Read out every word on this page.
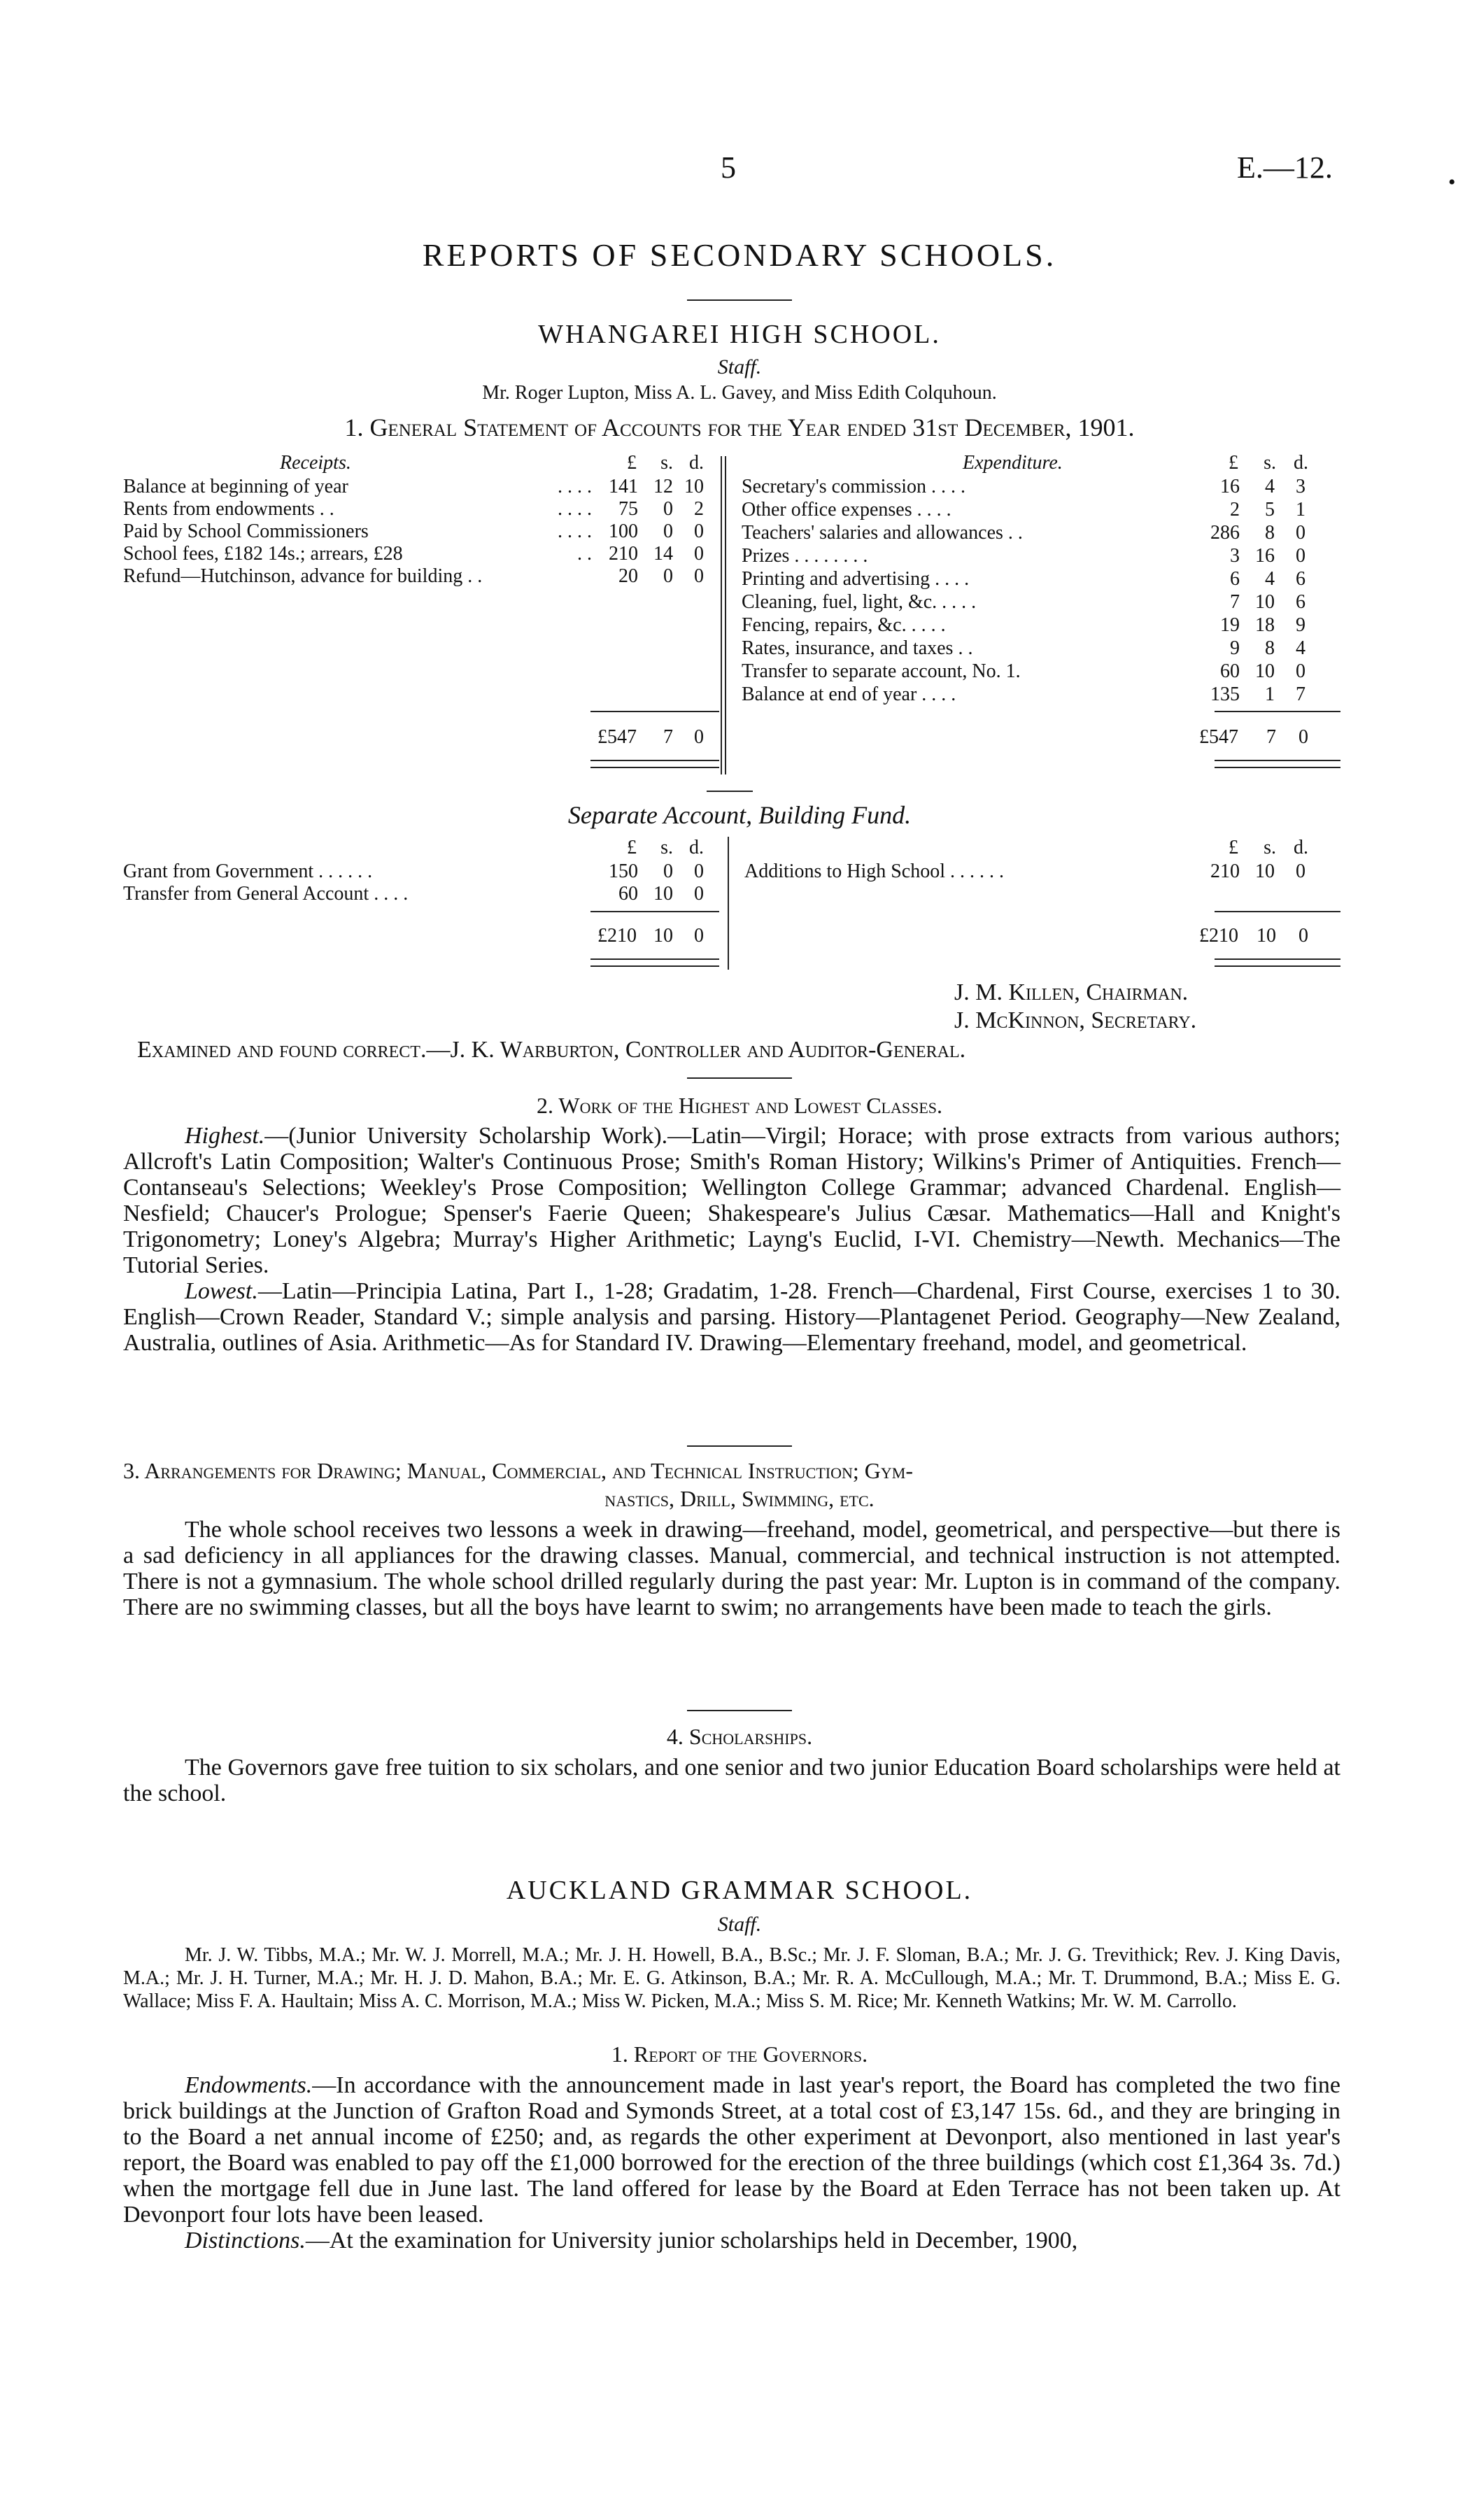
5	E.—12.	•
REPORTS OF SECONDARY SCHOOLS.
WHANGAREI HIGH SCHOOL.
Staff.
Mr. Roger Lupton, Miss A. L. Gavey, and Miss Edith Colquhoun.
1. General Statement of Accounts for the Year ended 31st December, 1901.
Receipts.	Expenditure.
£	s. d.	£	s. d.
Balance at beginning of year	. . . . 141 12 10
Rents from endowments . .	. . . .	75	0	2
Paid by School Commissioners	. . . . 100	0	0
School fees, £182 14s.; arrears, £28	. . 210 14	0
Refund—Hutchinson, advance for building . .	20	0	0
Secretary's commission . . . .	16	4	3
Other office expenses . . . .	2	5	1
Teachers' salaries and allowances . .	286	8	0
Prizes . . . . . . . .	3 16	0
Printing and advertising . . . .	6	4	6
Cleaning, fuel, light, &c. . . . .	7 10	6
Fencing, repairs, &c. . . . .	19 18	9
Rates, insurance, and taxes . .	9	8	4
Transfer to separate account, No. 1.	60 10	0
Balance at end of year . . . .	135	1	7
£547	7	0	£547	7	0
Separate Account, Building Fund.
£	s. d.	£	s. d.
Grant from Government . . . . . .	150	0	0
Transfer from General Account . . . .	60 10	0
Additions to High School . . . . . .	210 10	0
£210 10	0	£210 10	0
J. M. Killen, Chairman.
J. McKinnon, Secretary.
Examined and found correct.—J. K. Warburton, Controller and Auditor-General.
2. Work of the Highest and Lowest Classes.

Highest.—(Junior University Scholarship Work).—Latin—Virgil; Horace; with prose extracts from various authors; Allcroft's Latin Composition; Walter's Continuous Prose; Smith's Roman History; Wilkins's Primer of Antiquities. French—Contanseau's Selections; Weekley's Prose Composition; Wellington College Grammar; advanced Chardenal. English—Nesfield; Chaucer's Prologue; Spenser's Faerie Queen; Shakespeare's Julius Cæsar. Mathematics—Hall and Knight's Trigonometry; Loney's Algebra; Murray's Higher Arithmetic; Layng's Euclid, I-VI. Chemistry—Newth. Mechanics—The Tutorial Series.

Lowest.—Latin—Principia Latina, Part I., 1-28; Gradatim, 1-28. French—Chardenal, First Course, exercises 1 to 30. English—Crown Reader, Standard V.; simple analysis and parsing. History—Plantagenet Period. Geography—New Zealand, Australia, outlines of Asia. Arithmetic—As for Standard IV. Drawing—Elementary freehand, model, and geometrical.

3. Arrangements for Drawing; Manual, Commercial, and Technical Instruction; Gym-
nastics, Drill, Swimming, etc.

The whole school receives two lessons a week in drawing—freehand, model, geometrical, and perspective—but there is a sad deficiency in all appliances for the drawing classes. Manual, commercial, and technical instruction is not attempted. There is not a gymnasium. The whole school drilled regularly during the past year: Mr. Lupton is in command of the company. There are no swimming classes, but all the boys have learnt to swim; no arrangements have been made to teach the girls.

4. Scholarships.

The Governors gave free tuition to six scholars, and one senior and two junior Education Board scholarships were held at the school.

AUCKLAND GRAMMAR SCHOOL.
Staff.
Mr. J. W. Tibbs, M.A.; Mr. W. J. Morrell, M.A.; Mr. J. H. Howell, B.A., B.Sc.; Mr. J. F. Sloman, B.A.; Mr. J. G. Trevithick; Rev. J. King Davis, M.A.; Mr. J. H. Turner, M.A.; Mr. H. J. D. Mahon, B.A.; Mr. E. G. Atkinson, B.A.; Mr. R. A. McCullough, M.A.; Mr. T. Drummond, B.A.; Miss E. G. Wallace; Miss F. A. Haultain; Miss A. C. Morrison, M.A.; Miss W. Picken, M.A.; Miss S. M. Rice; Mr. Kenneth Watkins; Mr. W. M. Carrollo.
1. Report of the Governors.

Endowments.—In accordance with the announcement made in last year's report, the Board has completed the two fine brick buildings at the Junction of Grafton Road and Symonds Street, at a total cost of £3,147 15s. 6d., and they are bringing in to the Board a net annual income of £250; and, as regards the other experiment at Devonport, also mentioned in last year's report, the Board was enabled to pay off the £1,000 borrowed for the erection of the three buildings (which cost £1,364 3s. 7d.) when the mortgage fell due in June last. The land offered for lease by the Board at Eden Terrace has not been taken up. At Devonport four lots have been leased.

Distinctions.—At the examination for University junior scholarships held in December, 1900,
